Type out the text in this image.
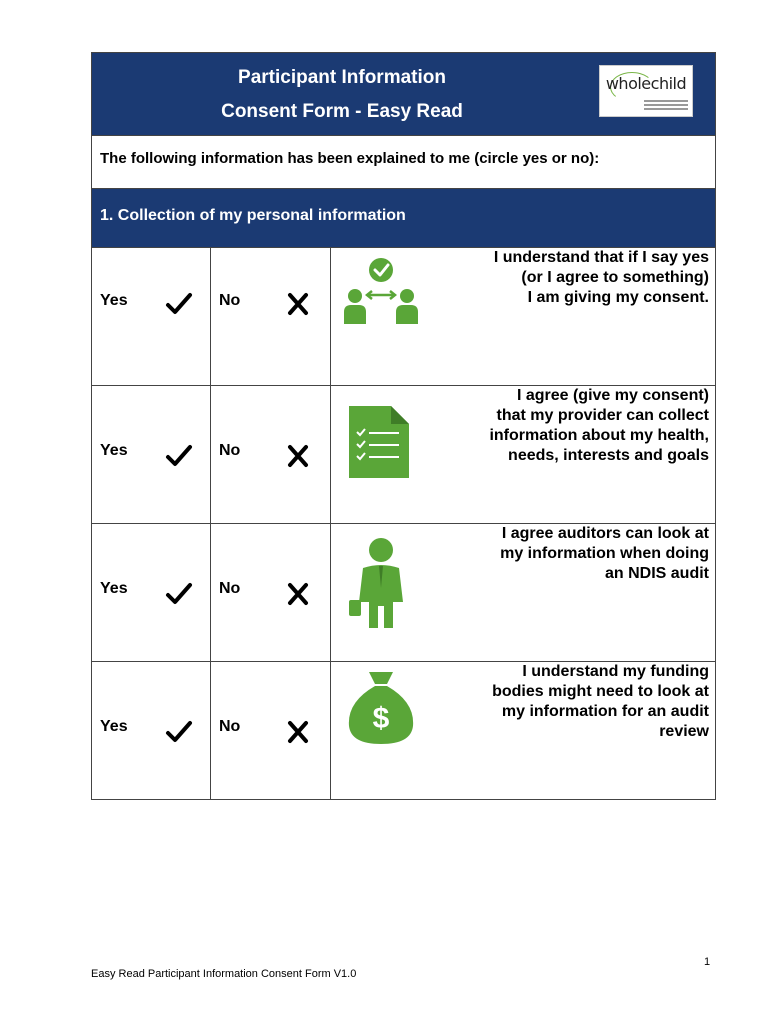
Participant Information
Consent Form - Easy Read
wholechild
The following information has been explained to me (circle yes or no):
1. Collection of my personal information
Yes	No
I understand that if I say yes
(or I agree to something)
I am giving my consent.
Yes	No
I agree (give my consent)
that my provider can collect
information about my health,
needs, interests and goals
Yes	No
I agree auditors can look at
my information when doing
an NDIS audit
Yes	No	$
I understand my funding
bodies might need to look at
my information for an audit
review
Easy Read Participant Information Consent Form V1.0
1
